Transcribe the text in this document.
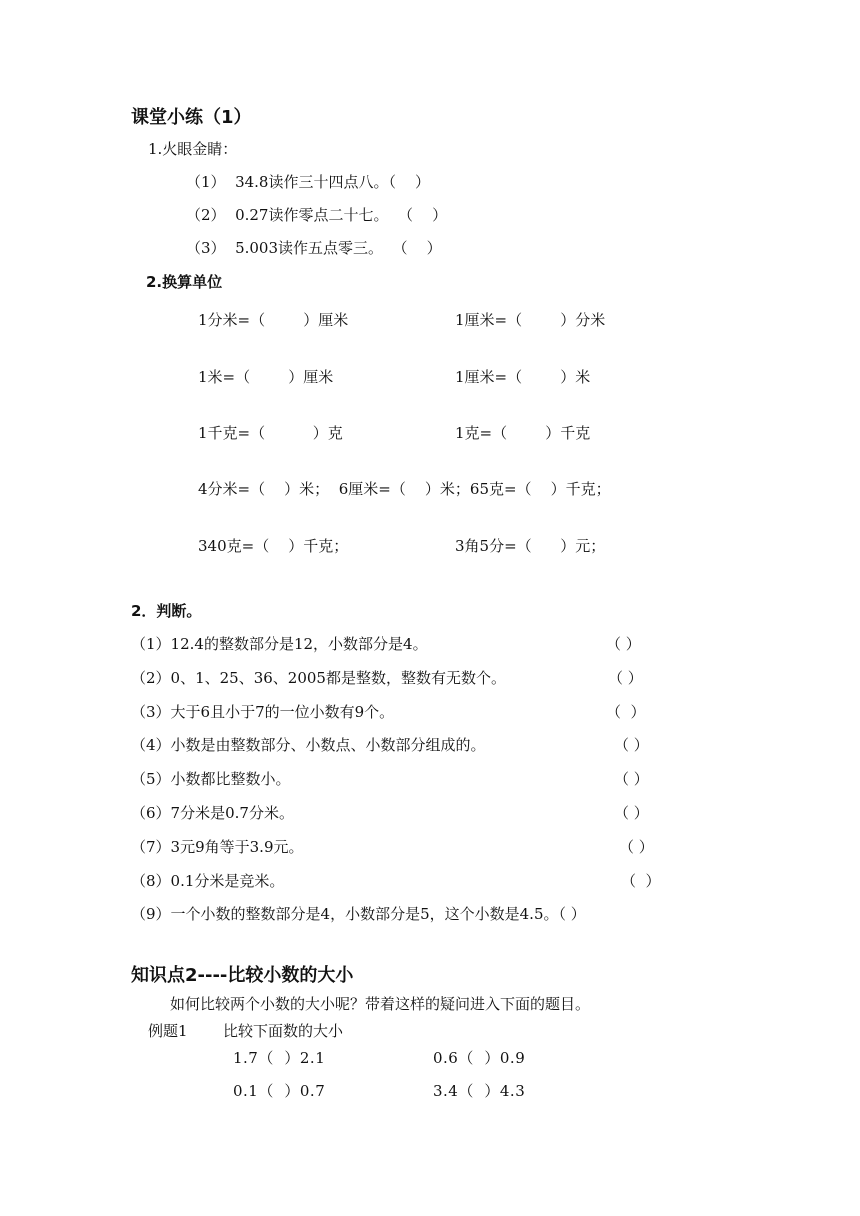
课堂小练（1）
1.火眼金睛：
（1）  34.8读作三十四点八。（    ）
（2）  0.27读作零点二十七。  （    ）
（3）  5.003读作五点零三。  （    ）
2.换算单位
1分米=（        ）厘米	1厘米=（        ）分米
1米=（        ）厘米	1厘米=（        ）米
1千克=（          ）克	1克=（        ）千克
4分米=（    ）米；  6厘米=（    ）米；65克=（    ）千克；
340克=（    ）千克；	3角5分=（      ）元；
2．判断。
（1）12.4的整数部分是12，小数部分是4。	（ ）
（2）0、1、25、36、2005都是整数，整数有无数个。	（ ）
（3）大于6且小于7的一位小数有9个。	（  ）
（4）小数是由整数部分、小数点、小数部分组成的。	（ ）
（5）小数都比整数小。	（ ）
（6）7分米是0.7分米。	（ ）
（7）3元9角等于3.9元。	（ ）
（8）0.1分米是竞米。	（  ）
（9）一个小数的整数部分是4，小数部分是5，这个小数是4.5。（ ）
知识点2----比较小数的大小
如何比较两个小数的大小呢？带着这样的疑问进入下面的题目。
例题1 比较下面数的大小
1.7（  ）2.1	0.6（  ）0.9
0.1（  ）0.7	3.4（  ）4.3
